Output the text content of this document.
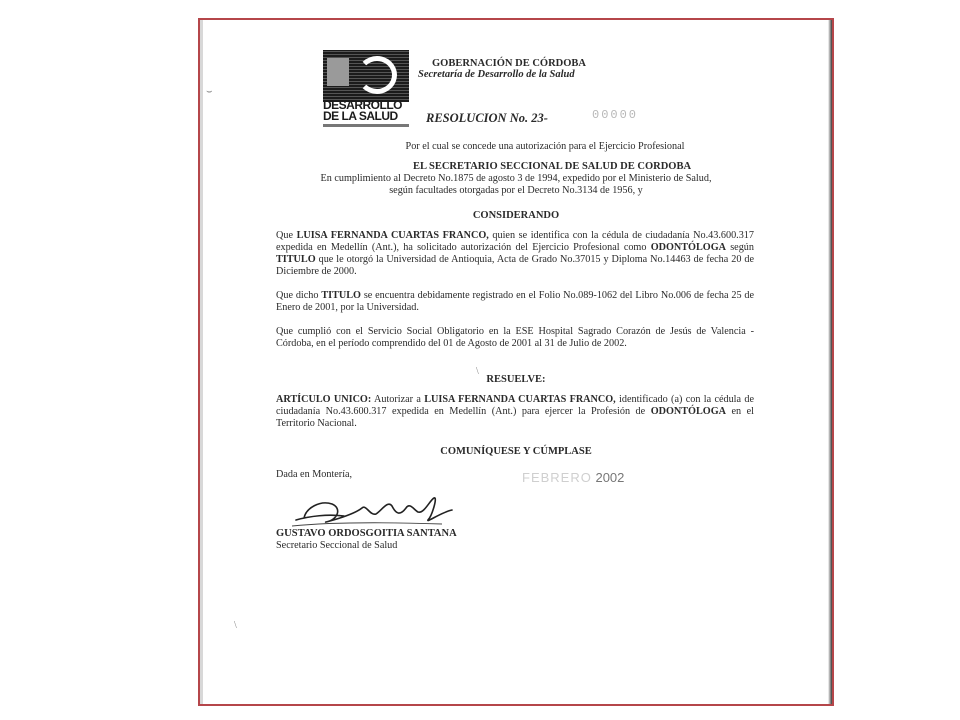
DESARROLLO
DE LA SALUD
GOBERNACIÓN DE CÓRDOBA
Secretaría de Desarrollo de la Salud
RESOLUCION No. 23-	00000
Por el cual se concede una autorización para el Ejercicio Profesional
EL SECRETARIO SECCIONAL DE SALUD DE CORDOBA
En cumplimiento al Decreto No.1875 de agosto 3 de 1994, expedido por el Ministerio de Salud,
según facultades otorgadas por el Decreto No.3134 de 1956, y
CONSIDERANDO
Que LUISA FERNANDA CUARTAS FRANCO, quien se identifica con la cédula de ciudadanía No.43.600.317 expedida en Medellín (Ant.), ha solicitado autorización del Ejercicio Profesional como ODONTÓLOGA según TITULO que le otorgó la Universidad de Antioquia, Acta de Grado No.37015 y Diploma No.14463 de fecha 20 de Diciembre de 2000.
Que dicho TITULO se encuentra debidamente registrado en el Folio No.089-1062 del Libro No.006 de fecha 25 de Enero de 2001, por la Universidad.
Que cumplió con el Servicio Social Obligatorio en la ESE Hospital Sagrado Corazón de Jesús de Valencia - Córdoba, en el período comprendido del 01 de Agosto de 2001 al 31 de Julio de 2002.
\
RESUELVE:
ARTÍCULO UNICO: Autorizar a LUISA FERNANDA CUARTAS FRANCO, identificado (a) con la cédula de ciudadanía No.43.600.317 expedida en Medellín (Ant.) para ejercer la Profesión de ODONTÓLOGA en el Territorio Nacional.
COMUNÍQUESE Y CÚMPLASE
Dada en Montería,	FEBRERO 2002
GUSTAVO ORDOSGOITIA SANTANA
Secretario Seccional de Salud
\
⌣
